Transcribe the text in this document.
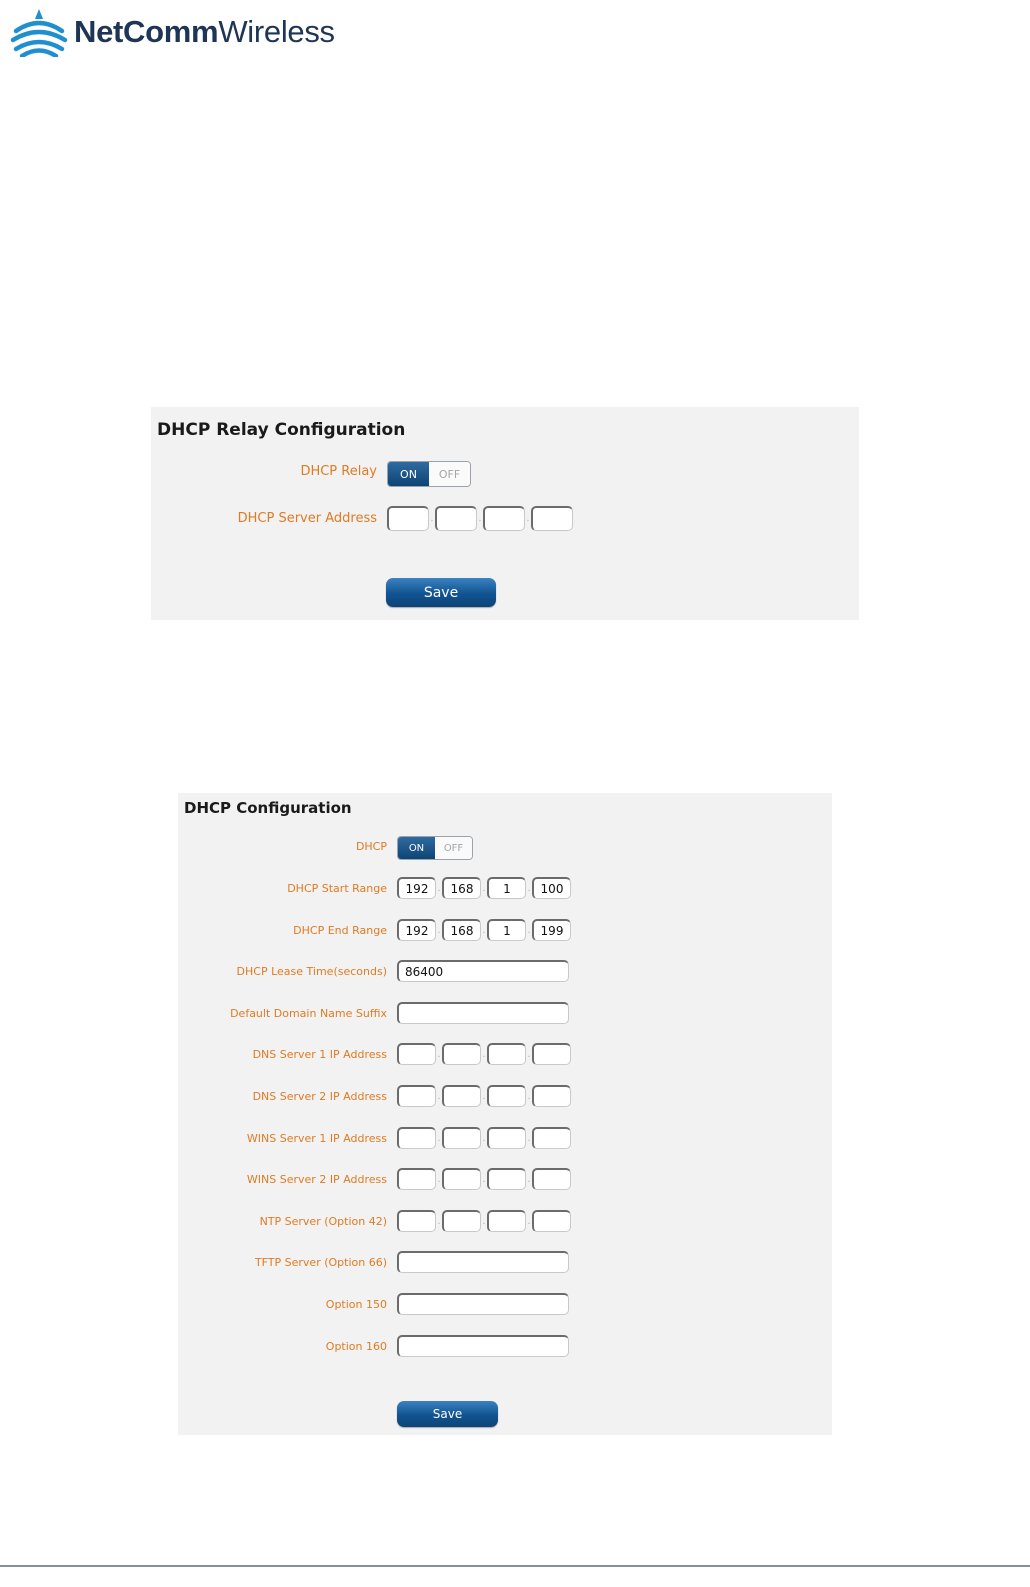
NetCommWireless
DHCP Relay Configuration
DHCP Relay	ON	OFF
DHCP Server Address	.	.	.
Save
DHCP Configuration
DHCP	ON	OFF
DHCP Start Range	192 . 168 .	1	. 100
DHCP End Range	192 . 168 .	1	. 199
DHCP Lease Time(seconds)	86400
Default Domain Name Suffix
DNS Server 1 IP Address	.	.	.
DNS Server 2 IP Address	.	.	.
WINS Server 1 IP Address	.	.	.
WINS Server 2 IP Address	.	.	.
NTP Server (Option 42)	.	.	.
TFTP Server (Option 66)
Option 150
Option 160
Save
